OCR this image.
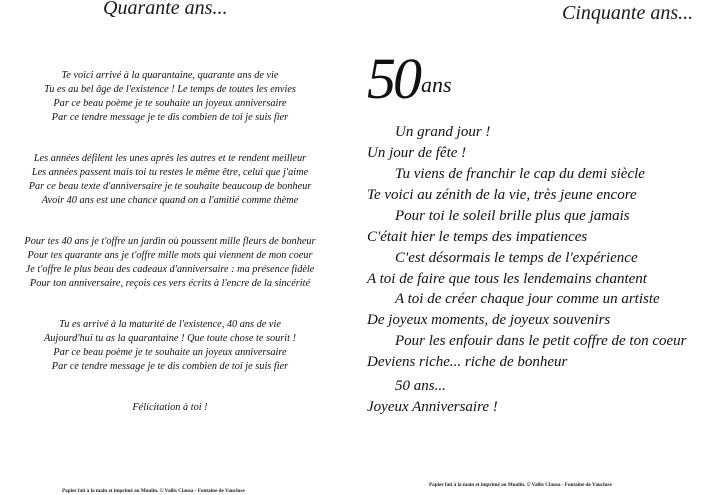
Quarante ans...
Te voici arrivé à la quarantaine, quarante ans de vie
Tu es au bel âge de l'existence ! Le temps de toutes les envies
Par ce beau poème je te souhaite un joyeux anniversaire
Par ce tendre message je te dis combien de toi je suis fier
Les années défilent les unes après les autres et te rendent meilleur
Les années passent mais toi tu restes le même être, celui que j'aime
Par ce beau texte d'anniversaire je te souhaite beaucoup de bonheur
Avoir 40 ans est une chance quand on a l'amitié comme thème
Pour tes 40 ans je t'offre un jardin où poussent mille fleurs de bonheur
Pour tes quarante ans je t'offre mille mots qui viennent de mon coeur
Je t'offre le plus beau des cadeaux d'anniversaire : ma présence fidèle
Pour ton anniversaire, reçois ces vers écrits à l'encre de la sincérité
Tu es arrivé à la maturité de l'existence, 40 ans de vie
Aujourd'hui tu as la quarantaine ! Que toute chose te sourit !
Par ce beau poème je te souhaite un joyeux anniversaire
Par ce tendre message je te dis combien de toi je suis fier
Félicitation à toi !
Papier fait à la main et imprimé au Moulin. © Vallis Clausa - Fontaine de Vaucluse
Cinquante ans...
50 ans
Un grand jour !
Un jour de fête !
Tu viens de franchir le cap du demi siècle
Te voici au zénith de la vie, très jeune encore
Pour toi le soleil brille plus que jamais
C'était hier le temps des impatiences
C'est désormais le temps de l'expérience
A toi de faire que tous les lendemains chantent
A toi de créer chaque jour comme un artiste
De joyeux moments, de joyeux souvenirs
Pour les enfouir dans le petit coffre de ton coeur
Deviens riche... riche de bonheur
50 ans...
Joyeux Anniversaire !
Papier fait à la main et imprimé au Moulin. © Vallis Clausa - Fontaine de Vaucluse
